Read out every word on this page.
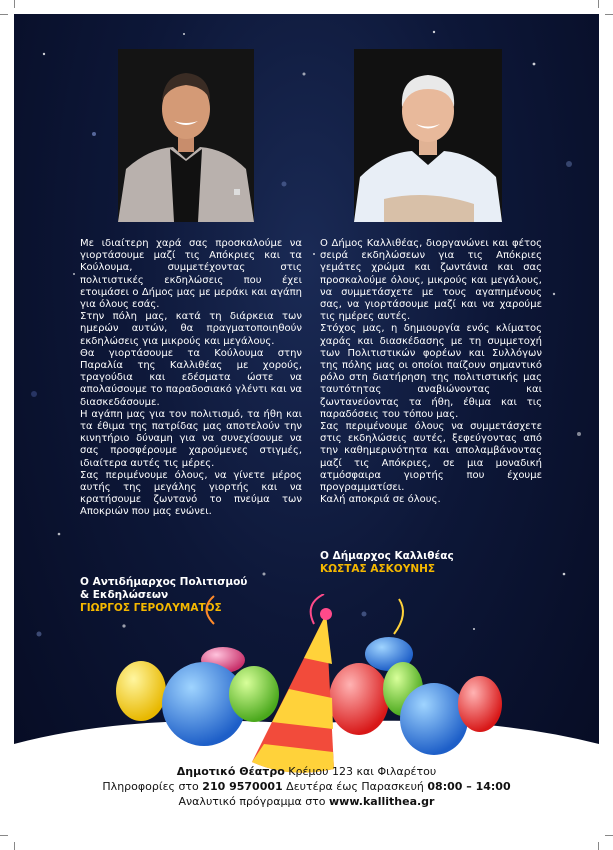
Με ιδιαίτερη χαρά σας προσκαλούμε να γιορτάσουμε μαζί τις Απόκριες και τα Κούλουμα, συμμετέχοντας στις πολιτιστικές εκδηλώσεις που έχει ετοιμάσει ο Δήμος μας με μεράκι και αγάπη για όλους εσάς.

Στην πόλη μας, κατά τη διάρκεια των ημερών αυτών, θα πραγματοποιηθούν εκδηλώσεις για μικρούς και μεγάλους.

Θα γιορτάσουμε τα Κούλουμα στην Παραλία της Καλλιθέας με χορούς, τραγούδια και εδέσματα ώστε να απολαύσουμε το παραδοσιακό γλέντι και να διασκεδάσουμε.

Η αγάπη μας για τον πολιτισμό, τα ήθη και τα έθιμα της πατρίδας μας αποτελούν την κινητήριο δύναμη για να συνεχίσουμε να σας προσφέρουμε χαρούμενες στιγμές, ιδιαίτερα αυτές τις μέρες.

Σας περιμένουμε όλους, να γίνετε μέρος αυτής της μεγάλης γιορτής και να κρατήσουμε ζωντανό το πνεύμα των Αποκριών που μας ενώνει.

Ο Δήμος Καλλιθέας, διοργανώνει και φέτος σειρά εκδηλώσεων για τις Απόκριες γεμάτες χρώμα και ζωντάνια και σας προσκαλούμε όλους, μικρούς και μεγάλους, να συμμετάσχετε με τους αγαπημένους σας, να γιορτάσουμε μαζί και να χαρούμε τις ημέρες αυτές.

Στόχος μας, η δημιουργία ενός κλίματος χαράς και διασκέδασης με τη συμμετοχή των Πολιτιστικών φορέων και Συλλόγων της πόλης μας οι οποίοι παίζουν σημαντικό ρόλο στη διατήρηση της πολιτιστικής μας ταυτότητας αναβιώνοντας και ζωντανεύοντας τα ήθη, έθιμα και τις παραδόσεις του τόπου μας.

Σας περιμένουμε όλους να συμμετάσχετε στις εκδηλώσεις αυτές, ξεφεύγοντας από την καθημερινότητα και απολαμβάνοντας μαζί τις Απόκριες, σε μια μοναδική ατμόσφαιρα γιορτής που έχουμε προγραμματίσει.

Καλή αποκριά σε όλους.

Ο Αντιδήμαρχος Πολιτισμού
& Εκδηλώσεων
ΓΙΩΡΓΟΣ ΓΕΡΟΛΥΜΑΤΟΣ
Ο Δήμαρχος Καλλιθέας
ΚΩΣΤΑΣ ΑΣΚΟΥΝΗΣ
Δημοτικό Θέατρο Κρέμου 123 και Φιλαρέτου
Πληροφορίες στο 210 9570001 Δευτέρα έως Παρασκευή 08:00 – 14:00
Αναλυτικό πρόγραμμα στο www.kallithea.gr
